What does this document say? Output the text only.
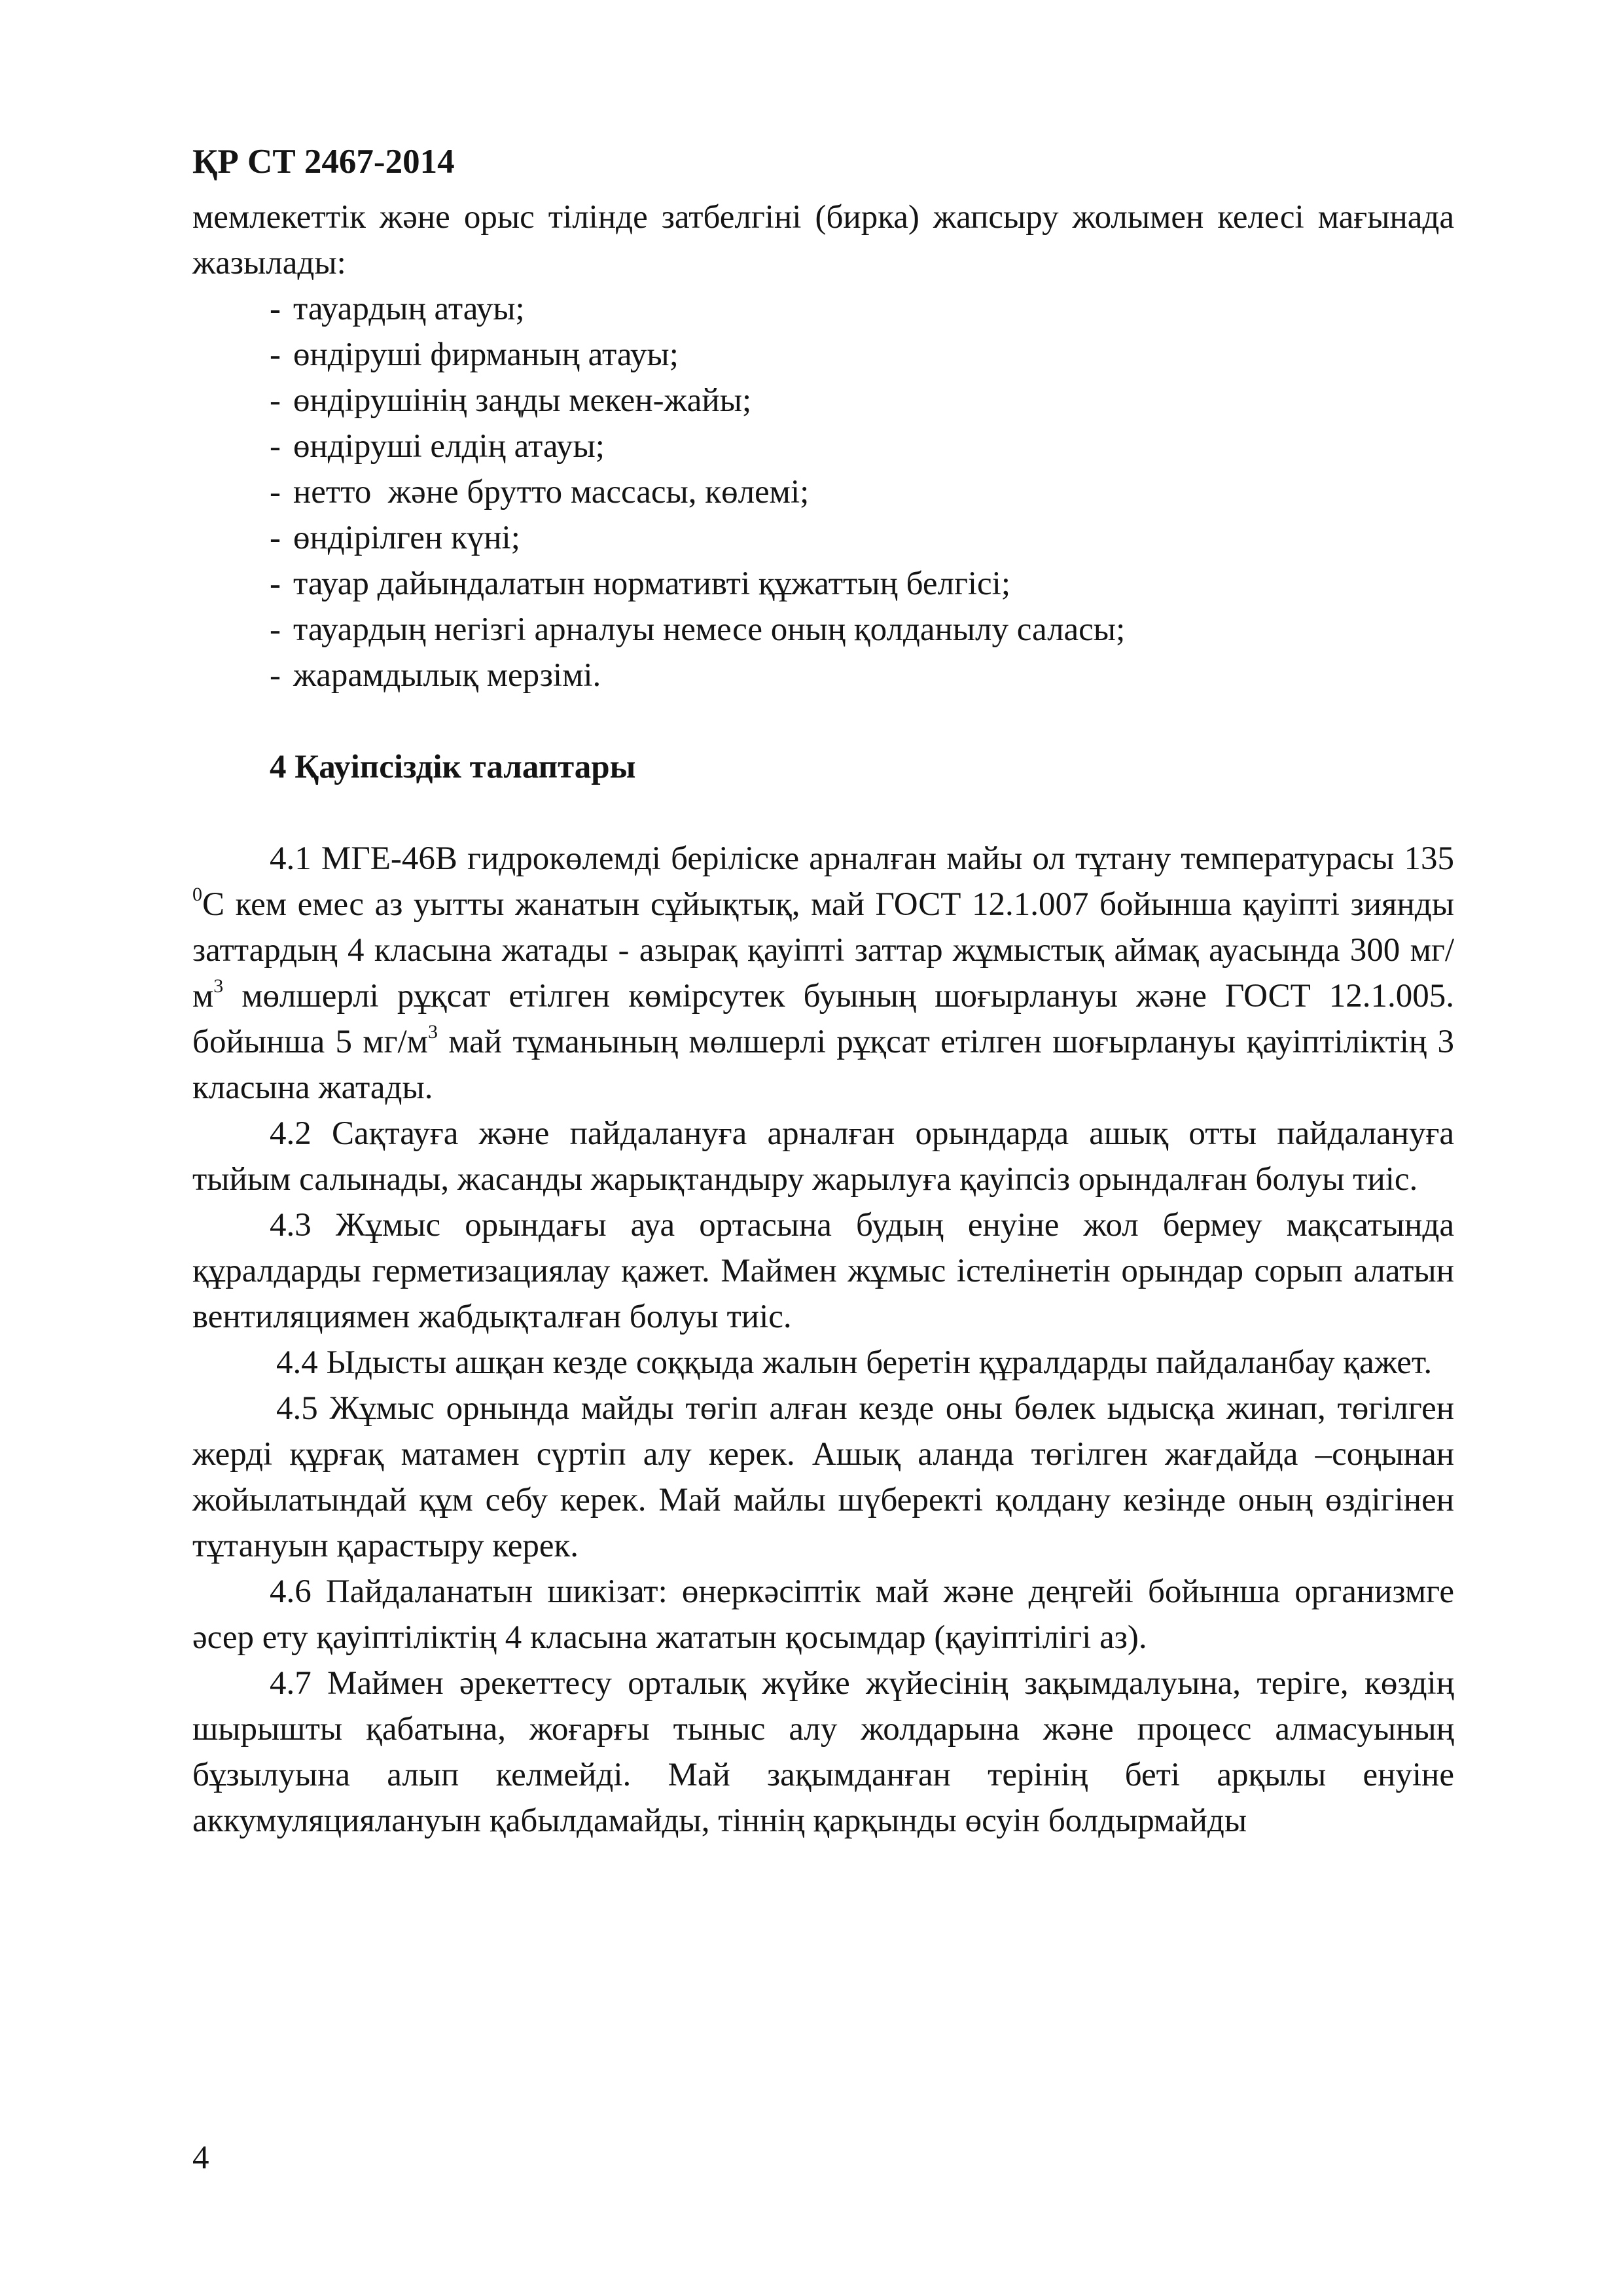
ҚР СТ 2467-2014

мемлекеттік және орыс тілінде затбелгіні (бирка) жапсыру жолымен келесі мағынада жазылады:

- тауардың атауы;
- өндіруші фирманың атауы;
- өндірушінің заңды мекен-жайы;
- өндіруші елдің атауы;
- нетто  және брутто массасы, көлемі;
- өндірілген күні;
- тауар дайындалатын нормативті құжаттың белгісі;
- тауардың негізгі арналуы немесе оның қолданылу саласы;
- жарамдылық мерзімі.

4 Қауіпсіздік талаптары

4.1 МГЕ-46В гидрокөлемді беріліске арналған майы ол тұтану температурасы 135 $^0$С кем емес аз уытты жанатын сұйықтық, май ГОСТ 12.1.007 бойынша қауіпті зиянды заттардың 4 класына жатады - азырақ қауіпті заттар жұмыстық аймақ ауасында 300 $мг/м^3$ мөлшерлі рұқсат етілген көмірсутек буының шоғырлануы және ГОСТ 12.1.005. бойынша 5 $мг/м^3$ май тұманының мөлшерлі рұқсат етілген шоғырлануы қауіптіліктің 3 класына жатады.

4.2 Сақтауға және пайдалануға арналған орындарда ашық отты пайдалануға тыйым салынады, жасанды жарықтандыру жарылуға қауіпсіз орындалған болуы тиіс.

4.3 Жұмыс орындағы ауа ортасына будың енуіне жол бермеу мақсатында құралдарды герметизациялау қажет. Маймен жұмыс істелінетін орындар сорып алатын вентиляциямен жабдықталған болуы тиіс.

4.4 Ыдысты ашқан кезде соққыда жалын беретін құралдарды пайдаланбау қажет.

4.5 Жұмыс орнында майды төгіп алған кезде оны бөлек ыдысқа жинап, төгілген жерді құрғақ матамен сүртіп алу керек. Ашық аланда төгілген жағдайда –соңынан жойылатындай құм себу керек. Май майлы шүберекті қолдану кезінде оның өздігінен тұтануын қарастыру керек.

4.6 Пайдаланатын шикізат: өнеркәсіптік май және деңгейі бойынша организмге әсер ету қауіптіліктің 4 класына жататын қосымдар (қауіптілігі аз).

4.7 Маймен әрекеттесу орталық жүйке жүйесінің зақымдалуына, теріге, көздің шырышты қабатына, жоғарғы тыныс алу жолдарына және процесс алмасуының бұзылуына алып келмейді. Май зақымданған терінің беті арқылы енуіне аккумуляциялануын қабылдамайды, тіннің қарқынды өсуін болдырмайды

4
